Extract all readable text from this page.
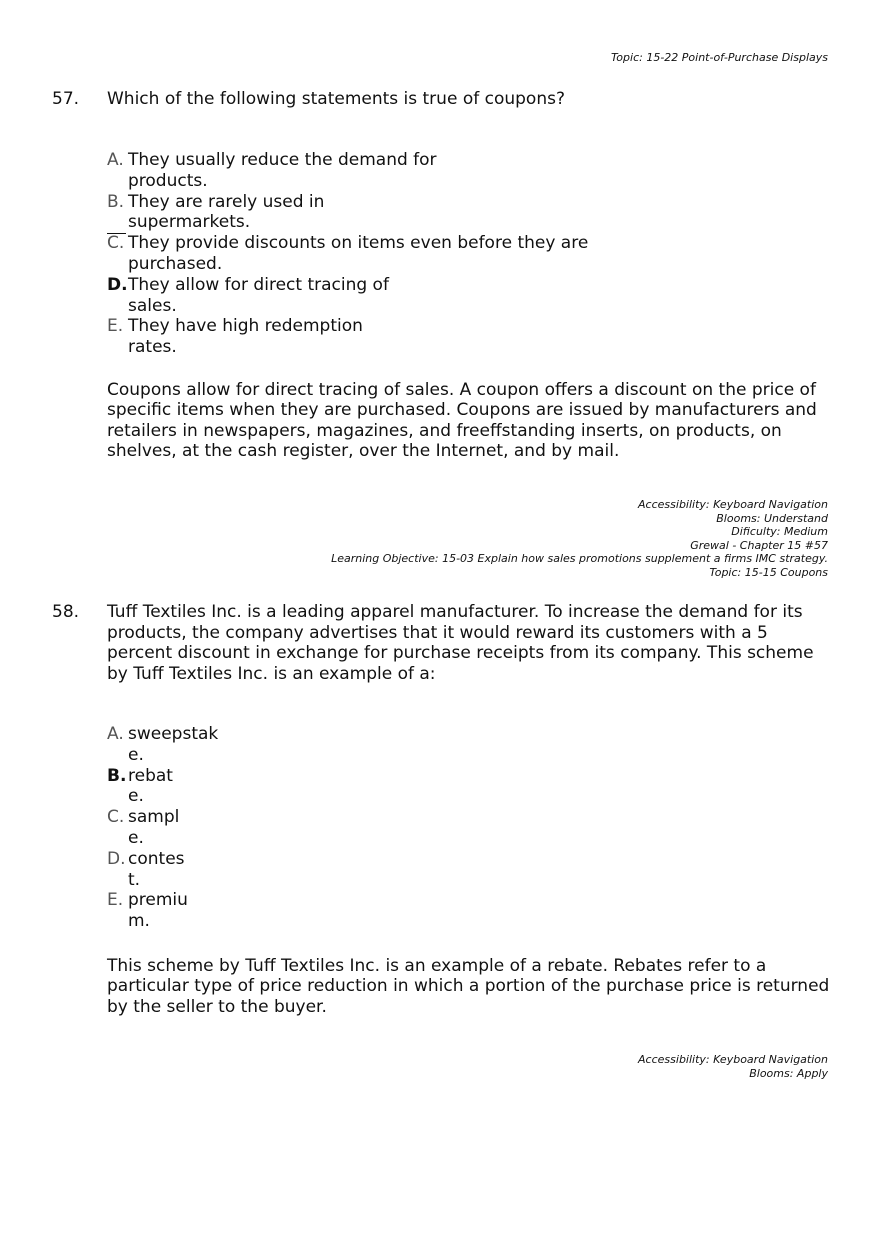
Topic: 15-22 Point-of-Purchase Displays
57. Which of the following statements is true of coupons?
A. They usually reduce the demand for
products.
B. They are rarely used in
supermarkets.
C. They provide discounts on items even before they are
purchased.
D. They allow for direct tracing of
sales.
E. They have high redemption
rates.
Coupons allow for direct tracing of sales. A coupon offers a discount on the price of specific items when they are purchased. Coupons are issued by manufacturers and retailers in newspapers, magazines, and freeffstanding inserts, on products, on shelves, at the cash register, over the Internet, and by mail.
Accessibility: Keyboard Navigation
Blooms: Understand
Dificulty: Medium
Grewal - Chapter 15 #57
Learning Objective: 15-03 Explain how sales promotions supplement a firms IMC strategy.
Topic: 15-15 Coupons
58. Tuff Textiles Inc. is a leading apparel manufacturer. To increase the demand for its products, the company advertises that it would reward its customers with a 5 percent discount in exchange for purchase receipts from its company. This scheme by Tuff Textiles Inc. is an example of a:
A. sweepstak
e.
B. rebat
e.
C. sampl
e.
D. contes
t.
E. premiu
m.
This scheme by Tuff Textiles Inc. is an example of a rebate. Rebates refer to a particular type of price reduction in which a portion of the purchase price is returned by the seller to the buyer.
Accessibility: Keyboard Navigation
Blooms: Apply
